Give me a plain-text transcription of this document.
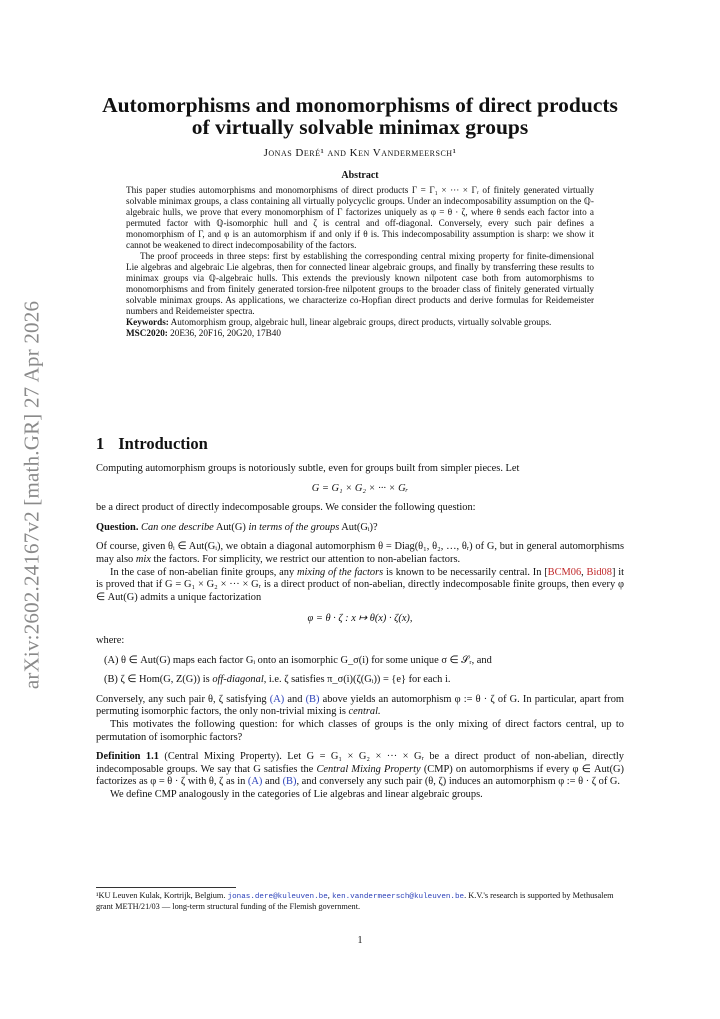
arXiv:2602.24167v2 [math.GR] 27 Apr 2026
Automorphisms and monomorphisms of direct products of virtually solvable minimax groups
Jonas Deré¹ and Ken Vandermeersch¹
Abstract

This paper studies automorphisms and monomorphisms of direct products Γ = Γ₁ × ··· × Γᵣ of finitely generated virtually solvable minimax groups, a class containing all virtually polycyclic groups. Under an indecomposability assumption on the ℚ-algebraic hulls, we prove that every monomorphism of Γ factorizes uniquely as φ = θ · ζ, where θ sends each factor into a permuted factor with ℚ-isomorphic hull and ζ is central and off-diagonal. Conversely, every such pair defines a monomorphism of Γ, and φ is an automorphism if and only if θ is. This indecomposability assumption is sharp: we show it cannot be weakened to direct indecomposability of the factors.

The proof proceeds in three steps: first by establishing the corresponding central mixing property for finite-dimensional Lie algebras and algebraic Lie algebras, then for connected linear algebraic groups, and finally by transferring these results to minimax groups via ℚ-algebraic hulls. This extends the previously known nilpotent case both from automorphisms to monomorphisms and from finitely generated torsion-free nilpotent groups to the broader class of finitely generated virtually solvable minimax groups. As applications, we characterize co-Hopfian direct products and derive formulas for Reidemeister numbers and Reidemeister spectra.

Keywords: Automorphism group, algebraic hull, linear algebraic groups, direct products, virtually solvable groups.

MSC2020: 20E36, 20F16, 20G20, 17B40

1 Introduction

Computing automorphism groups is notoriously subtle, even for groups built from simpler pieces. Let

G = G₁ × G₂ × ··· × Gᵣ

be a direct product of directly indecomposable groups. We consider the following question:

Question. Can one describe Aut(G) in terms of the groups Aut(Gᵢ)?

Of course, given θᵢ ∈ Aut(Gᵢ), we obtain a diagonal automorphism θ = Diag(θ₁, θ₂, …, θᵣ) of G, but in general automorphisms may also mix the factors. For simplicity, we restrict our attention to non-abelian factors.

In the case of non-abelian finite groups, any mixing of the factors is known to be necessarily central. In [BCM06, Bid08] it is proved that if G = G₁ × G₂ × ··· × Gᵣ is a direct product of non-abelian, directly indecomposable finite groups, then every φ ∈ Aut(G) admits a unique factorization

φ = θ · ζ : x ↦ θ(x) · ζ(x),

where:

(A) θ ∈ Aut(G) maps each factor Gᵢ onto an isomorphic G_σ(i) for some unique σ ∈ 𝒮ᵣ, and

(B) ζ ∈ Hom(G, Z(G)) is off-diagonal, i.e. ζ satisfies π_σ(i)(ζ(Gᵢ)) = {e} for each i.

Conversely, any such pair θ, ζ satisfying (A) and (B) above yields an automorphism φ := θ · ζ of G. In particular, apart from permuting isomorphic factors, the only non-trivial mixing is central.

This motivates the following question: for which classes of groups is the only mixing of direct factors central, up to permutation of isomorphic factors?

Definition 1.1 (Central Mixing Property). Let G = G₁ × G₂ × ··· × Gᵣ be a direct product of non-abelian, directly indecomposable groups. We say that G satisfies the Central Mixing Property (CMP) on automorphisms if every φ ∈ Aut(G) factorizes as φ = θ · ζ with θ, ζ as in (A) and (B), and conversely any such pair (θ, ζ) induces an automorphism φ := θ · ζ of G.

We define CMP analogously in the categories of Lie algebras and linear algebraic groups.

¹KU Leuven Kulak, Kortrijk, Belgium. jonas.dere@kuleuven.be, ken.vandermeersch@kuleuven.be. K.V.'s research is supported by Methusalem grant METH/21/03 — long-term structural funding of the Flemish government.
1
